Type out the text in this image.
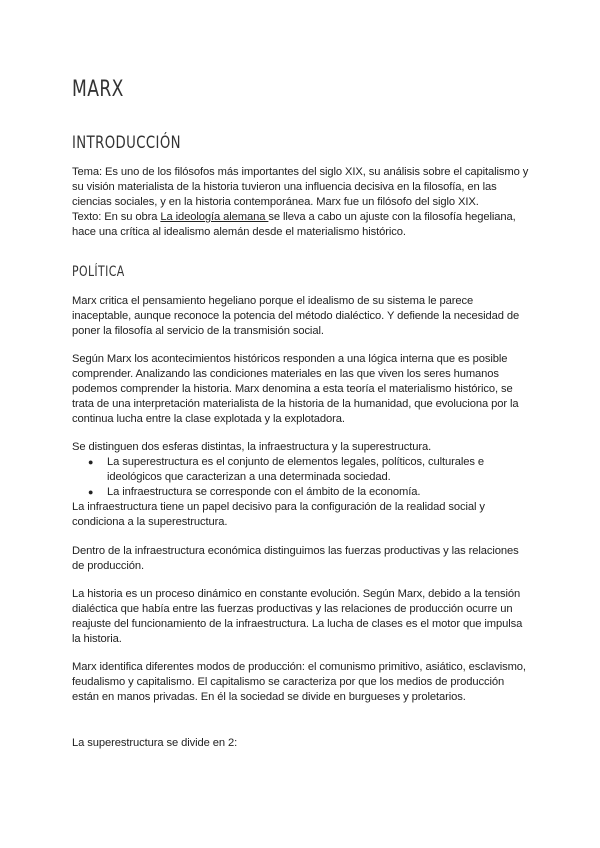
MARX
INTRODUCCIÓN

Tema: Es uno de los filósofos más importantes del siglo XIX, su análisis sobre el capitalismo y su visión materialista de la historia tuvieron una influencia decisiva en la filosofía, en las ciencias sociales, y en la historia contemporánea. Marx fue un filósofo del siglo XIX.

Texto: En su obra La ideología alemana se lleva a cabo un ajuste con la filosofía hegeliana, hace una crítica al idealismo alemán desde el materialismo histórico.

POLÍTICA

Marx critica el pensamiento hegeliano porque el idealismo de su sistema le parece inaceptable, aunque reconoce la potencia del método dialéctico. Y defiende la necesidad de poner la filosofía al servicio de la transmisión social.

Según Marx los acontecimientos históricos responden a una lógica interna que es posible comprender. Analizando las condiciones materiales en las que viven los seres humanos podemos comprender la historia. Marx denomina a esta teoría el materialismo histórico, se trata de una interpretación materialista de la historia de la humanidad, que evoluciona por la continua lucha entre la clase explotada y la explotadora.

Se distinguen dos esferas distintas, la infraestructura y la superestructura.

● La superestructura es el conjunto de elementos legales, políticos, culturales e ideológicos que caracterizan a una determinada sociedad.
● La infraestructura se corresponde con el ámbito de la economía.

La infraestructura tiene un papel decisivo para la configuración de la realidad social y condiciona a la superestructura.

Dentro de la infraestructura económica distinguimos las fuerzas productivas y las relaciones de producción.

La historia es un proceso dinámico en constante evolución. Según Marx, debido a la tensión dialéctica que había entre las fuerzas productivas y las relaciones de producción ocurre un reajuste del funcionamiento de la infraestructura. La lucha de clases es el motor que impulsa la historia.

Marx identifica diferentes modos de producción: el comunismo primitivo, asiático, esclavismo, feudalismo y capitalismo. El capitalismo se caracteriza por que los medios de producción están en manos privadas. En él la sociedad se divide en burgueses y proletarios.

La superestructura se divide en 2:
